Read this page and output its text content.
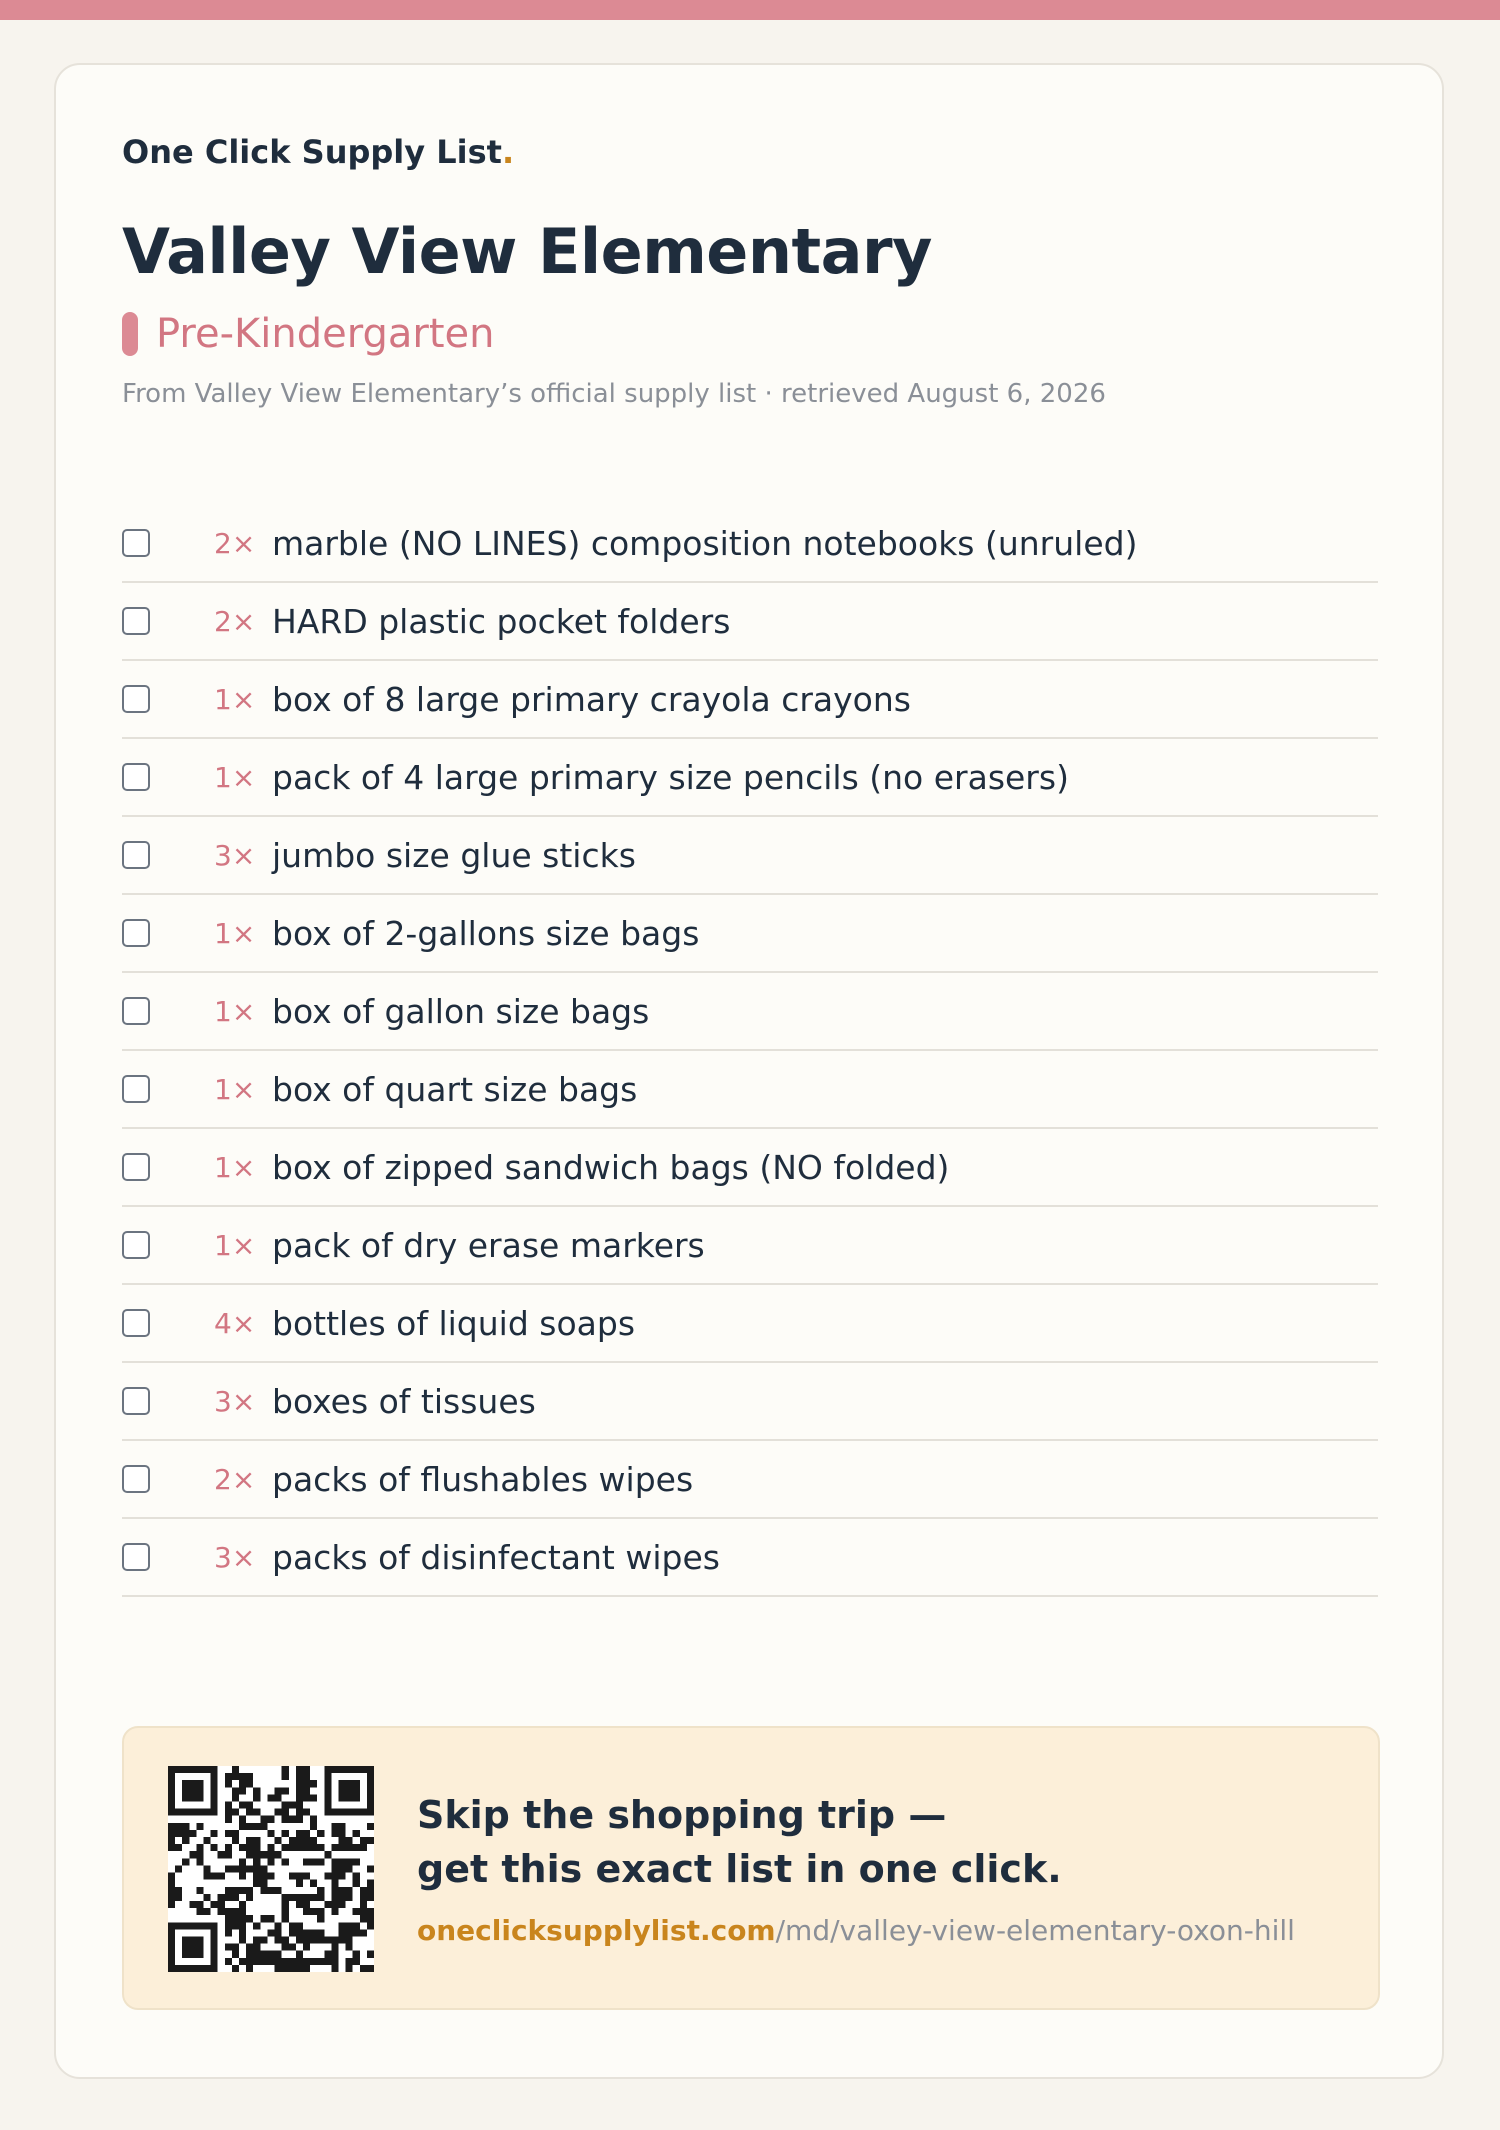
One Click Supply List.
Valley View Elementary
Pre-Kindergarten
From Valley View Elementary’s official supply list · retrieved August 6, 2026
2× marble (NO LINES) composition notebooks (unruled)
2× HARD plastic pocket folders
1× box of 8 large primary crayola crayons
1× pack of 4 large primary size pencils (no erasers)
3× jumbo size glue sticks
1× box of 2-gallons size bags
1× box of gallon size bags
1× box of quart size bags
1× box of zipped sandwich bags (NO folded)
1× pack of dry erase markers
4× bottles of liquid soaps
3× boxes of tissues
2× packs of flushables wipes
3× packs of disinfectant wipes
Skip the shopping trip —
get this exact list in one click.
oneclicksupplylist.com/md/valley-view-elementary-oxon-hill
